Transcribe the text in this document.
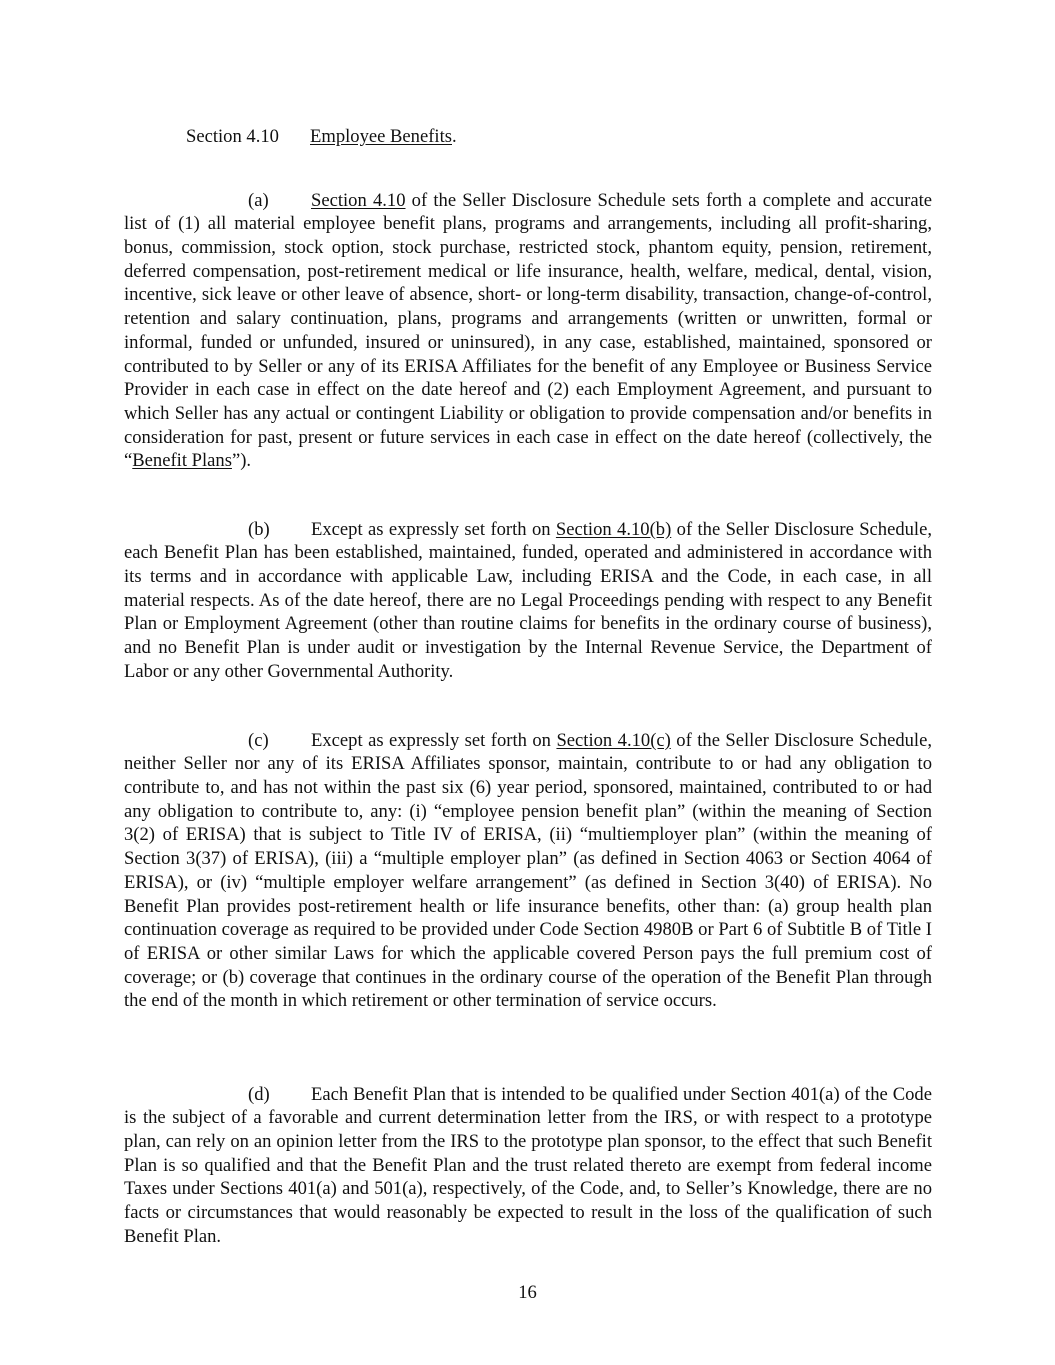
Section 4.10 Employee Benefits.

(a) Section 4.10 of the Seller Disclosure Schedule sets forth a complete and accurate list of (1) all material employee benefit plans, programs and arrangements, including all profit-sharing, bonus, commission, stock option, stock purchase, restricted stock, phantom equity, pension, retirement, deferred compensation, post-retirement medical or life insurance, health, welfare, medical, dental, vision, incentive, sick leave or other leave of absence, short- or long-term disability, transaction, change-of-control, retention and salary continuation, plans, programs and arrangements (written or unwritten, formal or informal, funded or unfunded, insured or uninsured), in any case, established, maintained, sponsored or contributed to by Seller or any of its ERISA Affiliates for the benefit of any Employee or Business Service Provider in each case in effect on the date hereof and (2) each Employment Agreement, and pursuant to which Seller has any actual or contingent Liability or obligation to provide compensation and/or benefits in consideration for past, present or future services in each case in effect on the date hereof (collectively, the “Benefit Plans”).

(b) Except as expressly set forth on Section 4.10(b) of the Seller Disclosure Schedule, each Benefit Plan has been established, maintained, funded, operated and administered in accordance with its terms and in accordance with applicable Law, including ERISA and the Code, in each case, in all material respects. As of the date hereof, there are no Legal Proceedings pending with respect to any Benefit Plan or Employment Agreement (other than routine claims for benefits in the ordinary course of business), and no Benefit Plan is under audit or investigation by the Internal Revenue Service, the Department of Labor or any other Governmental Authority.

(c) Except as expressly set forth on Section 4.10(c) of the Seller Disclosure Schedule, neither Seller nor any of its ERISA Affiliates sponsor, maintain, contribute to or had any obligation to contribute to, and has not within the past six (6) year period, sponsored, maintained, contributed to or had any obligation to contribute to, any: (i) “employee pension benefit plan” (within the meaning of Section 3(2) of ERISA) that is subject to Title IV of ERISA, (ii) “multiemployer plan” (within the meaning of Section 3(37) of ERISA), (iii) a “multiple employer plan” (as defined in Section 4063 or Section 4064 of ERISA), or (iv) “multiple employer welfare arrangement” (as defined in Section 3(40) of ERISA). No Benefit Plan provides post-retirement health or life insurance benefits, other than: (a) group health plan continuation coverage as required to be provided under Code Section 4980B or Part 6 of Subtitle B of Title I of ERISA or other similar Laws for which the applicable covered Person pays the full premium cost of coverage; or (b) coverage that continues in the ordinary course of the operation of the Benefit Plan through the end of the month in which retirement or other termination of service occurs.

(d) Each Benefit Plan that is intended to be qualified under Section 401(a) of the Code is the subject of a favorable and current determination letter from the IRS, or with respect to a prototype plan, can rely on an opinion letter from the IRS to the prototype plan sponsor, to the effect that such Benefit Plan is so qualified and that the Benefit Plan and the trust related thereto are exempt from federal income Taxes under Sections 401(a) and 501(a), respectively, of the Code, and, to Seller’s Knowledge, there are no facts or circumstances that would reasonably be expected to result in the loss of the qualification of such Benefit Plan.

16
